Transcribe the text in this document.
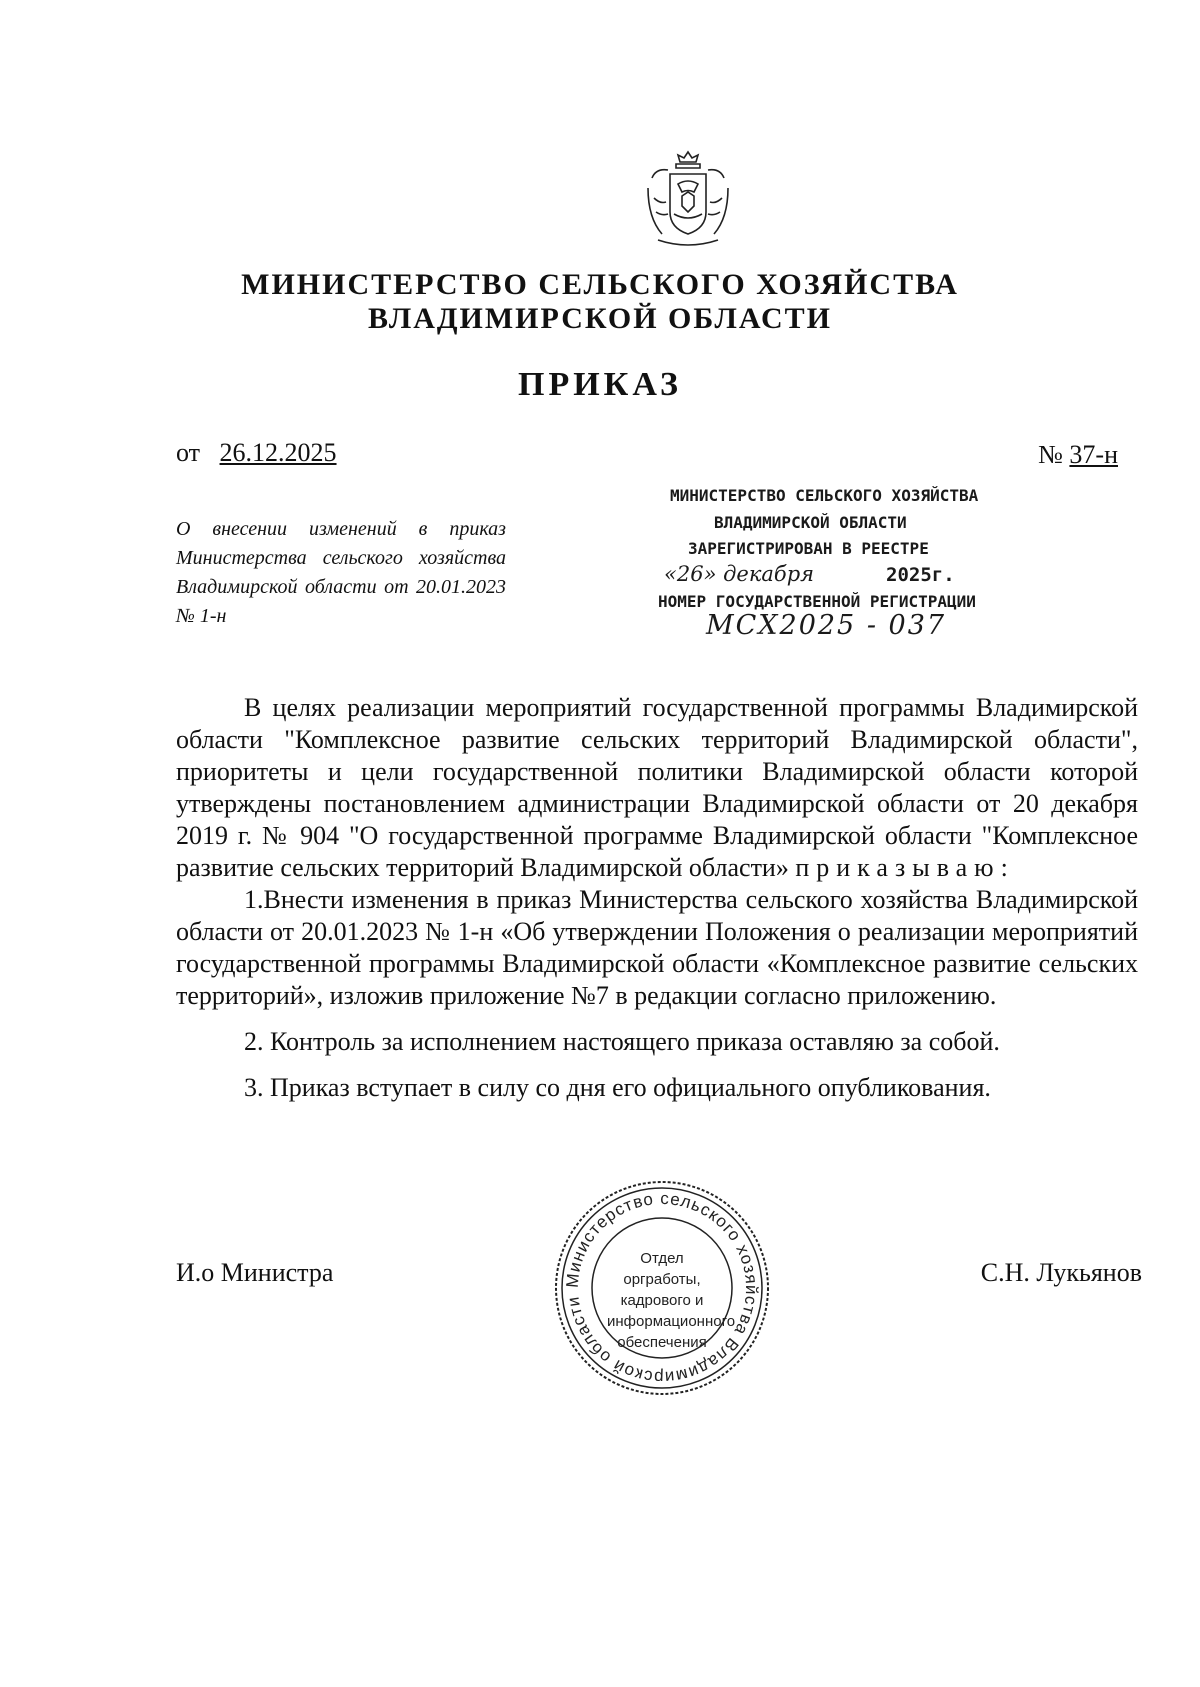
МИНИСТЕРСТВО СЕЛЬСКОГО ХОЗЯЙСТВА
ВЛАДИМИРСКОЙ ОБЛАСТИ
ПРИКАЗ
от 26.12.2025	№ 37-н
О внесении изменений в приказ Министерства сельского хозяйства Владимирской области от 20.01.2023 № 1-н
МИНИСТЕРСТВО СЕЛЬСКОГО ХОЗЯЙСТВА
ВЛАДИМИРСКОЙ ОБЛАСТИ
ЗАРЕГИСТРИРОВАН В РЕЕСТРЕ
«26» декабря	2025г.
НОМЕР ГОСУДАРСТВЕННОЙ РЕГИСТРАЦИИ
MCX2025 - 037

В целях реализации мероприятий государственной программы Владимирской области "Комплексное развитие сельских территорий Владимирской области", приоритеты и цели государственной политики Владимирской области которой утверждены постановлением администрации Владимирской области от 20 декабря 2019 г. № 904 "О государственной программе Владимирской области "Комплексное развитие сельских территорий Владимирской области» приказываю:

1.Внести изменения в приказ Министерства сельского хозяйства Владимирской области от 20.01.2023 № 1-н «Об утверждении Положения о реализации мероприятий государственной программы Владимирской области «Комплексное развитие сельских территорий», изложив приложение №7 в редакции согласно приложению.

2. Контроль за исполнением настоящего приказа оставляю за собой.

3. Приказ вступает в силу со дня его официального опубликования.

И.о Министра	С.Н. Лукьянов
Министерство сельского хозяйства Владимирской области
Отдел
оргработы,
кадрового и
информационного
обеспечения
